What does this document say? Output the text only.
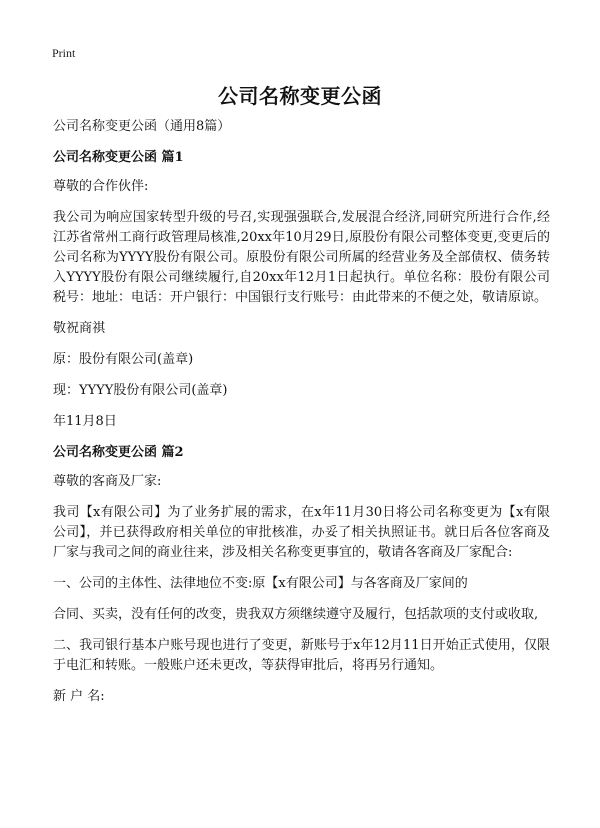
Print
公司名称变更公函

公司名称变更公函（通用8篇）

公司名称变更公函 篇1

尊敬的合作伙伴:

我公司为响应国家转型升级的号召,实现强强联合,发展混合经济,同研究所进行合作,经江苏省常州工商行政管理局核准,20xx年10月29日,原股份有限公司整体变更,变更后的公司名称为YYYY股份有限公司。原股份有限公司所属的经营业务及全部债权、债务转入YYYY股份有限公司继续履行,自20xx年12月1日起执行。单位名称：股份有限公司税号：地址：电话：开户银行：中国银行支行账号：由此带来的不便之处，敬请原谅。

敬祝商祺

原：股份有限公司(盖章)

现：YYYY股份有限公司(盖章)

年11月8日

公司名称变更公函 篇2

尊敬的客商及厂家:

我司【x有限公司】为了业务扩展的需求，在x年11月30日将公司名称变更为【x有限公司】，并已获得政府相关单位的审批核准，办妥了相关执照证书。就日后各位客商及厂家与我司之间的商业往来，涉及相关名称变更事宜的，敬请各客商及厂家配合:

一、公司的主体性、法律地位不变:原【x有限公司】与各客商及厂家间的

合同、买卖，没有任何的改变，贵我双方须继续遵守及履行，包括款项的支付或收取,

二、我司银行基本户账号现也进行了变更，新账号于x年12月11日开始正式使用，仅限于电汇和转账。一般账户还未更改，等获得审批后，将再另行通知。

新 户 名:
